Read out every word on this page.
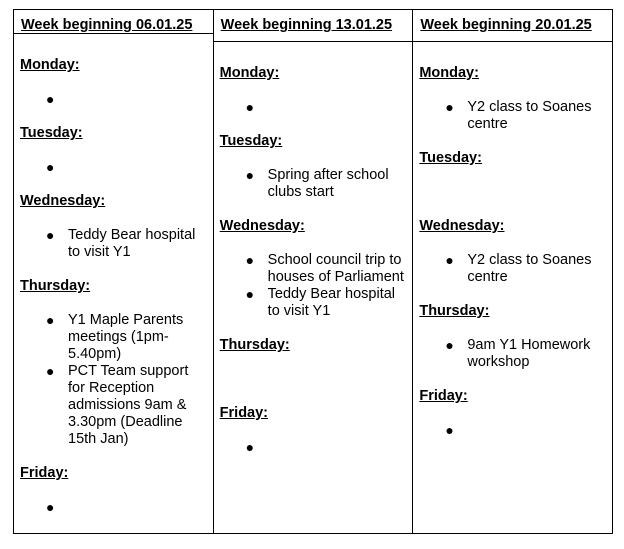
Week beginning 06.01.25

Monday:

●

Tuesday:

●

Wednesday:

● Teddy Bear hospital to visit Y1

Thursday:

● Y1 Maple Parents meetings (1pm-5.40pm)
● PCT Team support for Reception admissions 9am & 3.30pm (Deadline 15th Jan)

Friday:

●
Week beginning 13.01.25

Monday:

●

Tuesday:

● Spring after school clubs start

Wednesday:

● School council trip to houses of Parliament
● Teddy Bear hospital to visit Y1

Thursday:

Friday:

●
Week beginning 20.01.25

Monday:

● Y2 class to Soanes centre

Tuesday:

Wednesday:

● Y2 class to Soanes centre

Thursday:

● 9am Y1 Homework workshop

Friday:

●
